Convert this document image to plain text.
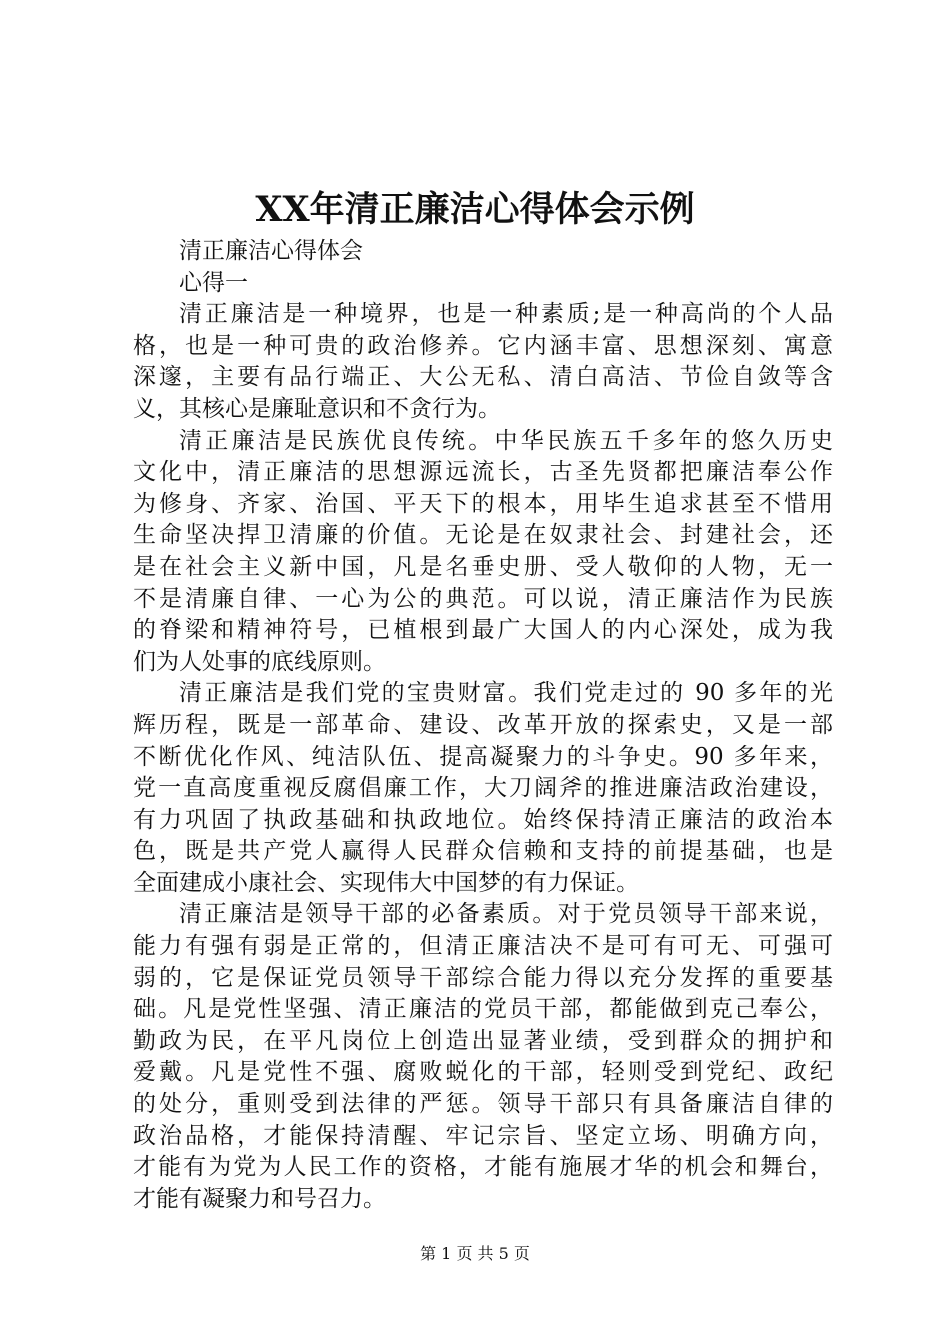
XX年清正廉洁心得体会示例
清正廉洁心得体会
心得一
清正廉洁是一种境界，也是一种素质;是一种高尚的个人品
格，也是一种可贵的政治修养。它内涵丰富、思想深刻、寓意
深邃，主要有品行端正、大公无私、清白高洁、节俭自敛等含
义，其核心是廉耻意识和不贪行为。
清正廉洁是民族优良传统。中华民族五千多年的悠久历史
文化中，清正廉洁的思想源远流长，古圣先贤都把廉洁奉公作
为修身、齐家、治国、平天下的根本，用毕生追求甚至不惜用
生命坚决捍卫清廉的价值。无论是在奴隶社会、封建社会，还
是在社会主义新中国，凡是名垂史册、受人敬仰的人物，无一
不是清廉自律、一心为公的典范。可以说，清正廉洁作为民族
的脊梁和精神符号，已植根到最广大国人的内心深处，成为我
们为人处事的底线原则。
清正廉洁是我们党的宝贵财富。我们党走过的 90 多年的光
辉历程，既是一部革命、建设、改革开放的探索史，又是一部
不断优化作风、纯洁队伍、提高凝聚力的斗争史。90 多年来，
党一直高度重视反腐倡廉工作，大刀阔斧的推进廉洁政治建设，
有力巩固了执政基础和执政地位。始终保持清正廉洁的政治本
色，既是共产党人赢得人民群众信赖和支持的前提基础，也是
全面建成小康社会、实现伟大中国梦的有力保证。
清正廉洁是领导干部的必备素质。对于党员领导干部来说，
能力有强有弱是正常的，但清正廉洁决不是可有可无、可强可
弱的，它是保证党员领导干部综合能力得以充分发挥的重要基
础。凡是党性坚强、清正廉洁的党员干部，都能做到克己奉公，
勤政为民，在平凡岗位上创造出显著业绩，受到群众的拥护和
爱戴。凡是党性不强、腐败蜕化的干部，轻则受到党纪、政纪
的处分，重则受到法律的严惩。领导干部只有具备廉洁自律的
政治品格，才能保持清醒、牢记宗旨、坚定立场、明确方向，
才能有为党为人民工作的资格，才能有施展才华的机会和舞台，
才能有凝聚力和号召力。
第 1 页 共 5 页
